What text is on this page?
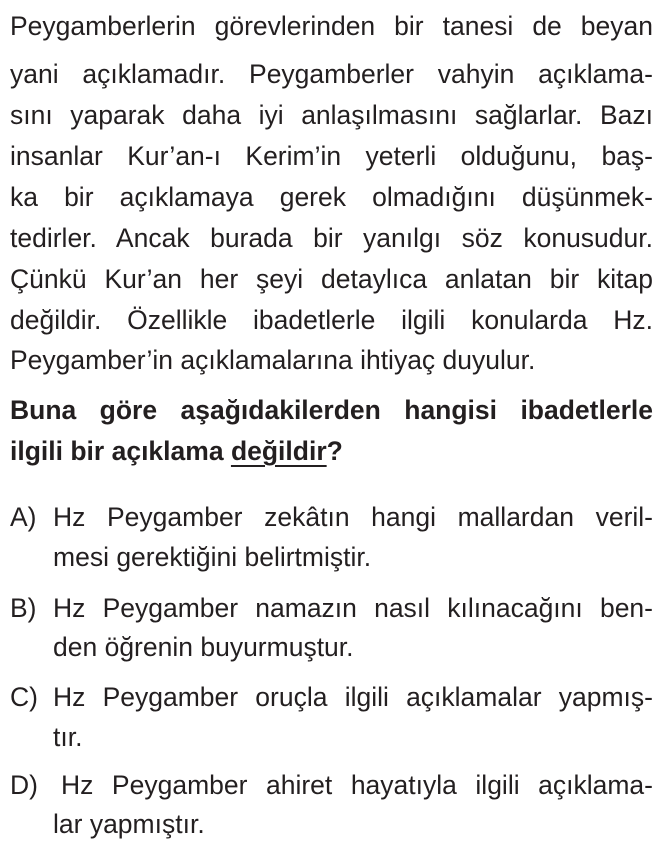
Peygamberlerin görevlerinden bir tanesi de beyan

yani açıklamadır. Peygamberler vahyin açıklama-

sını yaparak daha iyi anlaşılmasını sağlarlar. Bazı

insanlar Kur’an-ı Kerim’in yeterli olduğunu, baş-

ka bir açıklamaya gerek olmadığını düşünmek-

tedirler. Ancak burada bir yanılgı söz konusudur.

Çünkü Kur’an her şeyi detaylıca anlatan bir kitap

değildir. Özellikle ibadetlerle ilgili konularda Hz.

Peygamber’in açıklamalarına ihtiyaç duyulur.

Buna göre aşağıdakilerden hangisi ibadetlerle

ilgili bir açıklama değildir?

A) Hz Peygamber zekâtın hangi mallardan veril-
mesi gerektiğini belirtmiştir.
B) Hz Peygamber namazın nasıl kılınacağını ben-
den öğrenin buyurmuştur.
C) Hz Peygamber oruçla ilgili açıklamalar yapmış-
tır.
D) Hz Peygamber ahiret hayatıyla ilgili açıklama-
lar yapmıştır.
